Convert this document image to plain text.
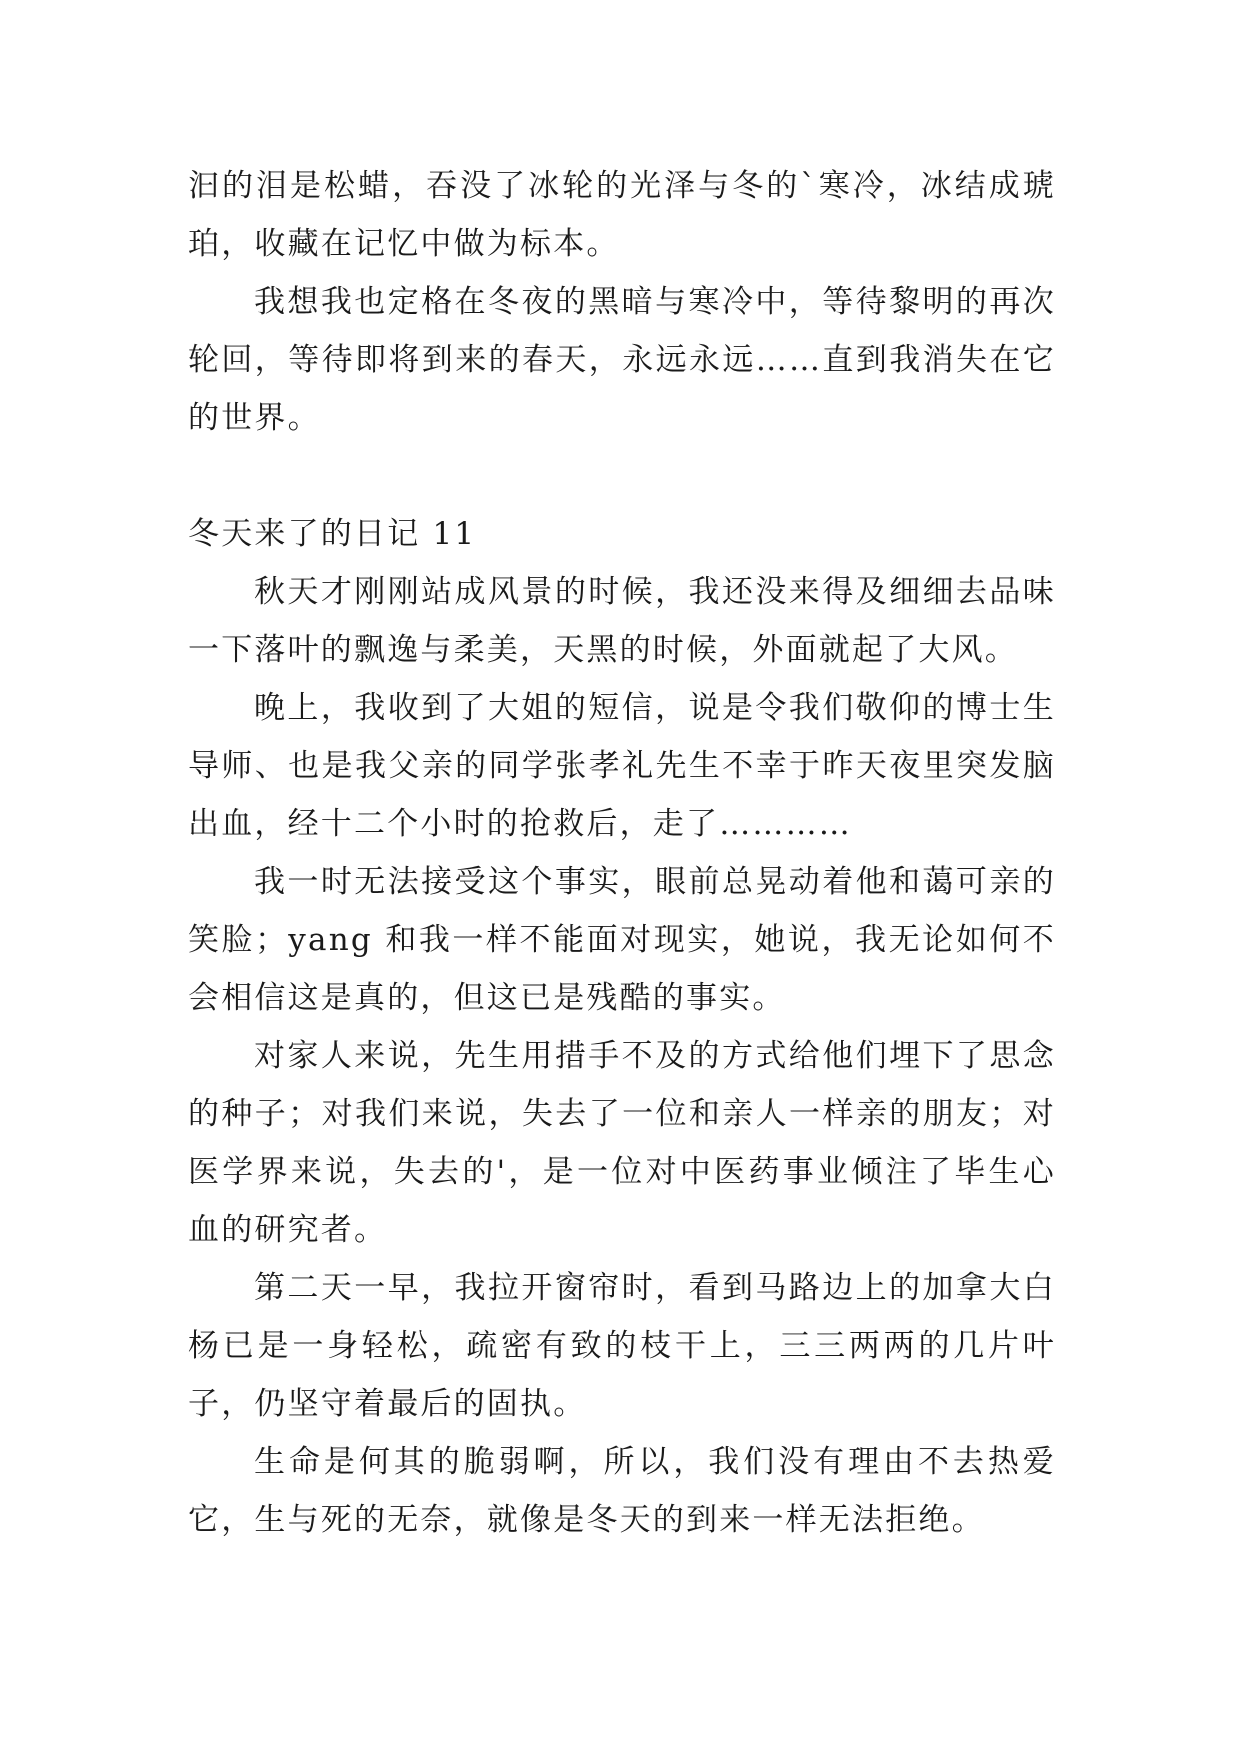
汩的泪是松蜡，吞没了冰轮的光泽与冬的`寒冷，冰结成琥珀，收藏在记忆中做为标本。

我想我也定格在冬夜的黑暗与寒冷中，等待黎明的再次轮回，等待即将到来的春天，永远永远……直到我消失在它的世界。

冬天来了的日记 11

秋天才刚刚站成风景的时候，我还没来得及细细去品味一下落叶的飘逸与柔美，天黑的时候，外面就起了大风。

晚上，我收到了大姐的短信，说是令我们敬仰的博士生导师、也是我父亲的同学张孝礼先生不幸于昨天夜里突发脑出血，经十二个小时的抢救后，走了…………

我一时无法接受这个事实，眼前总晃动着他和蔼可亲的笑脸；yang 和我一样不能面对现实，她说，我无论如何不会相信这是真的，但这已是残酷的事实。

对家人来说，先生用措手不及的方式给他们埋下了思念的种子；对我们来说，失去了一位和亲人一样亲的朋友；对医学界来说，失去的'，是一位对中医药事业倾注了毕生心血的研究者。

第二天一早，我拉开窗帘时，看到马路边上的加拿大白杨已是一身轻松，疏密有致的枝干上，三三两两的几片叶子，仍坚守着最后的固执。

生命是何其的脆弱啊，所以，我们没有理由不去热爱它，生与死的无奈，就像是冬天的到来一样无法拒绝。
